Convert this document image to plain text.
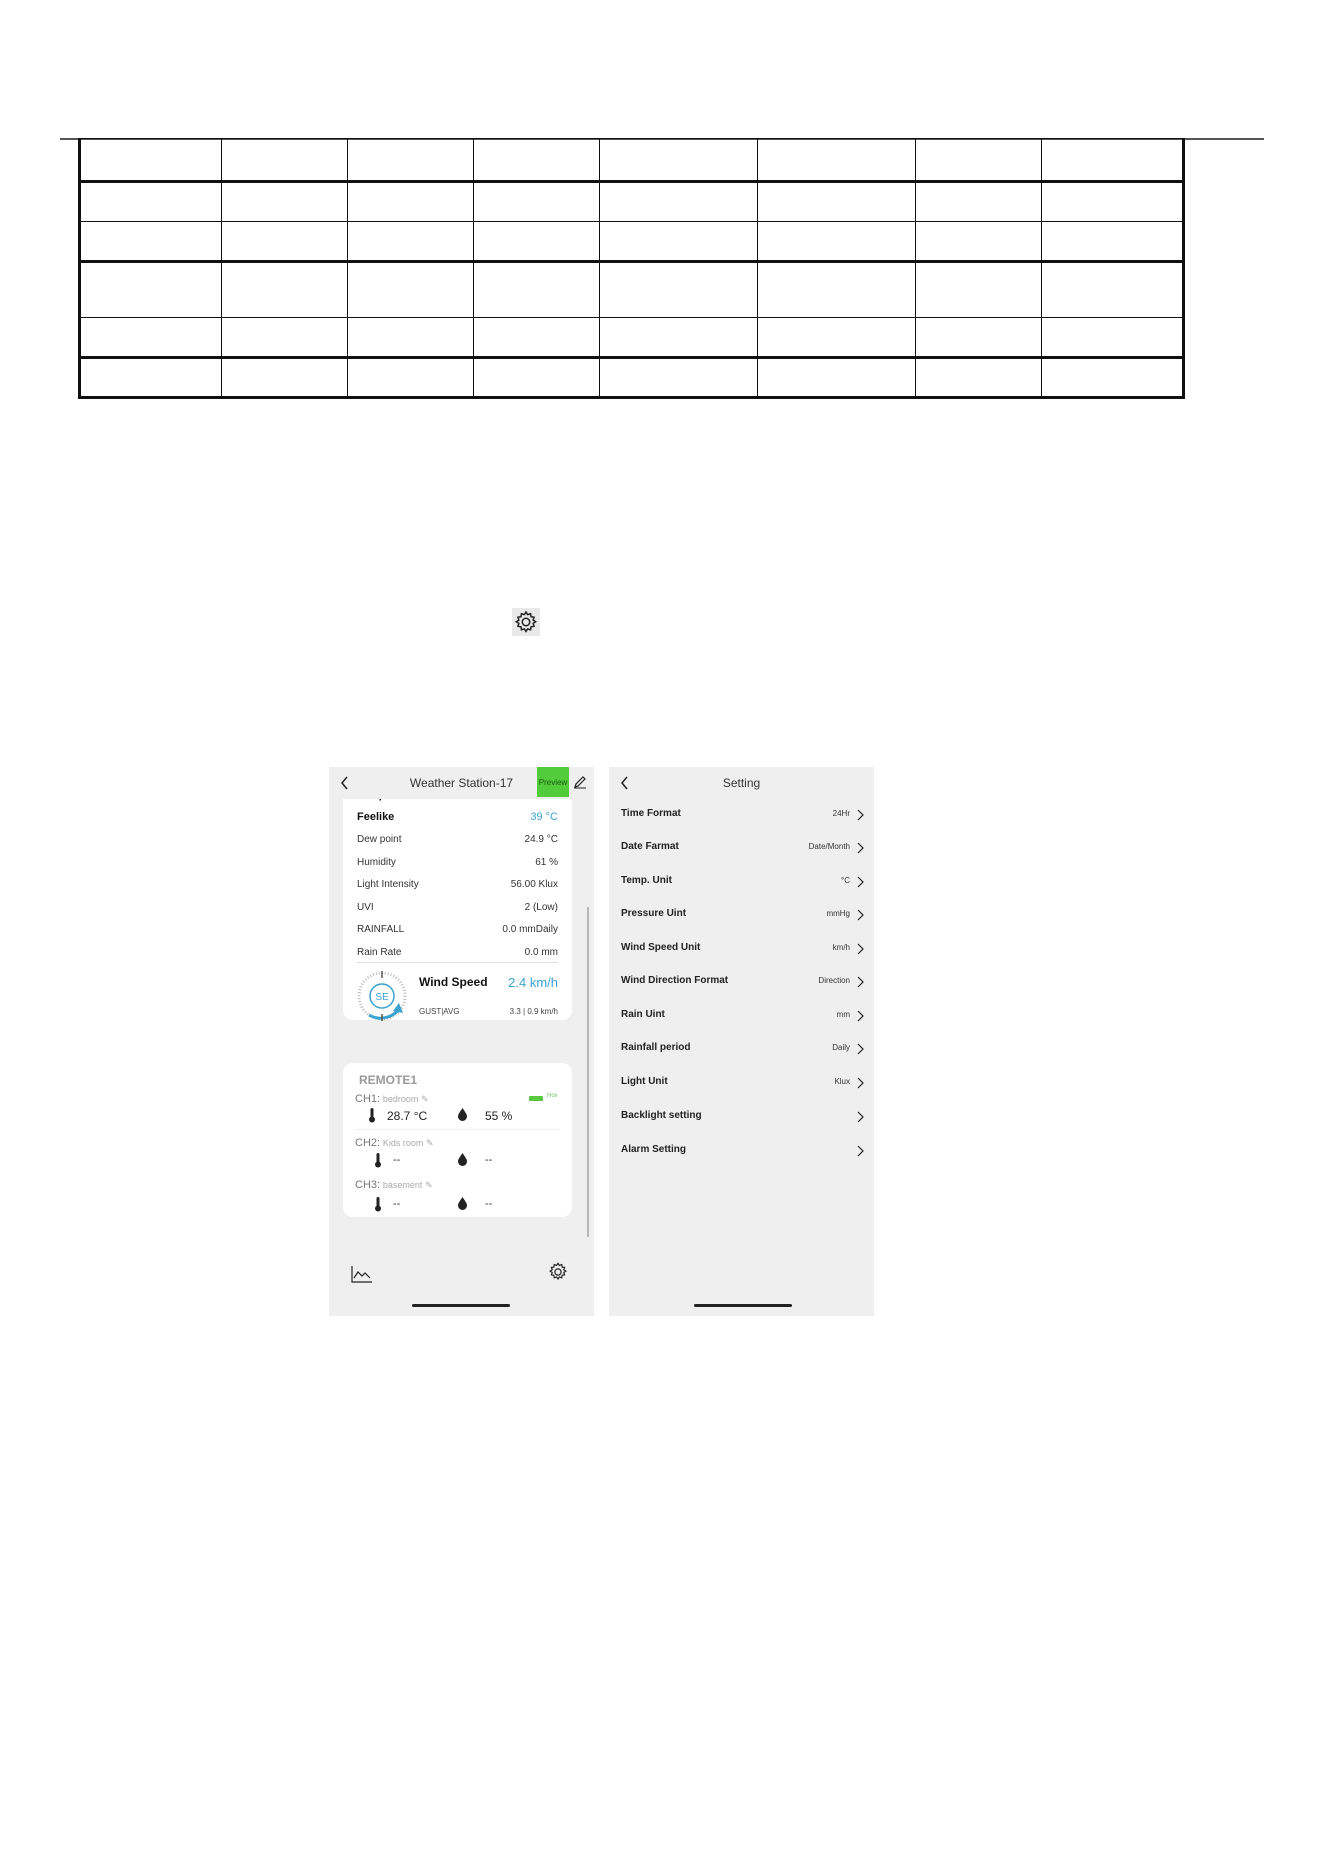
Feelike	39 °C
Dew point	24.9 °C
Humidity	61 %
Light Intensity	56.00 Klux
UVI	2 (Low)
RAINFALL	0.0 mmDaily
Rain Rate	0.0 mm
SE
Wind Speed 2.4 km/h
GUST|AVG	3.3 | 0.9 km/h
Weather Station-17	Preview
REMOTE1
CH1: bedroom ✎	Hov
28.7 °C	55 %
CH2: Kids room ✎
--	--
CH3: basement ✎
--	--
Setting
Time Format	24Hr
Date Farmat	Date/Month
Temp. Unit	°C
Pressure Uint	mmHg
Wind Speed Unit	km/h
Wind Direction Format	Direction
Rain Uint	mm
Rainfall period	Daily
Light Unit	Klux
Backlight setting
Alarm Setting
